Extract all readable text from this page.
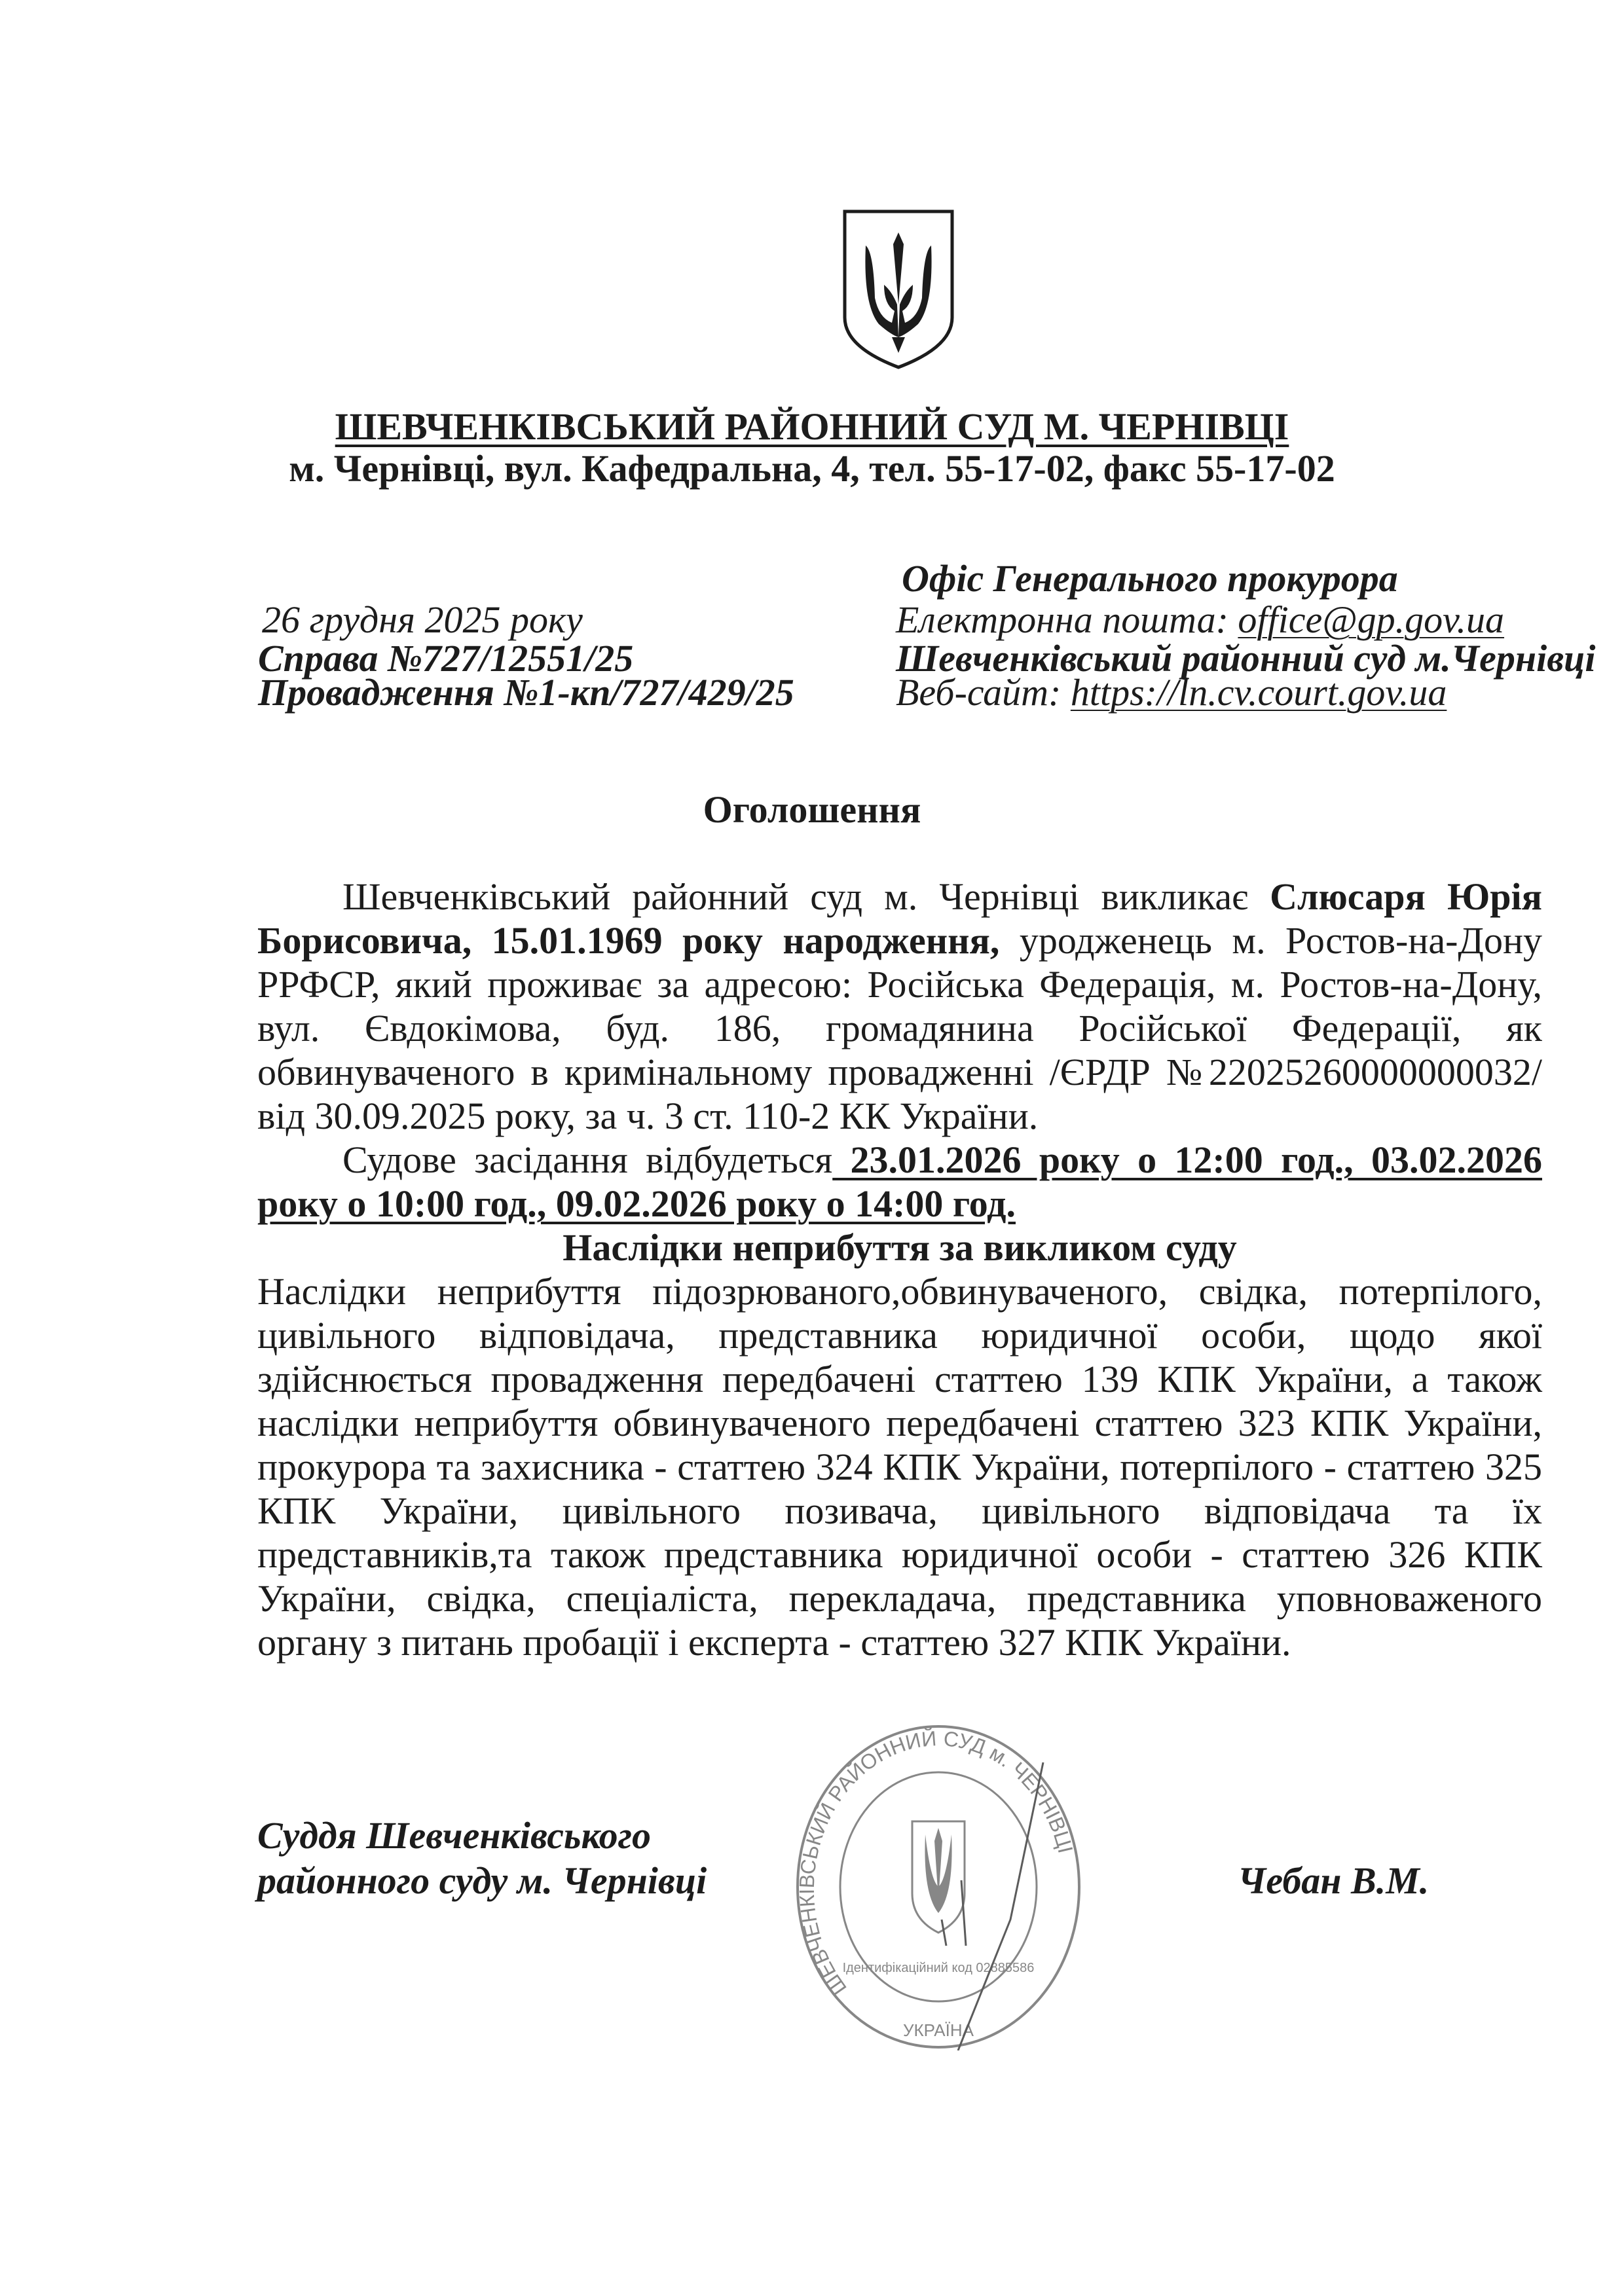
ШЕВЧЕНКІВСЬКИЙ РАЙОННИЙ СУД М. ЧЕРНІВЦІ
м. Чернівці, вул. Кафедральна, 4, тел. 55-17-02, факс 55-17-02
26 грудня 2025 року
Справа №727/12551/25
Провадження №1-кп/727/429/25
Офіс Генерального прокурора
Електронна пошта: office@gp.gov.ua
Шевченківський районний суд м.Чернівці
Веб-сайт: https://ln.cv.court.gov.ua
Оголошення

Шевченківський районний суд м. Чернівці викликає Слюсаря Юрія Борисовича, 15.01.1969 року народження, уродженець м. Ростов-на-Дону РРФСР, який проживає за адресою: Російська Федерація, м. Ростов-на-Дону, вул. Євдокімова, буд. 186, громадянина Російської Федерації, як обвинуваченого в кримінальному провадженні /ЄРДР №22025260000000032/ від 30.09.2025 року, за ч. 3 ст. 110-2 КК України.

Судове засідання відбудеться 23.01.2026 року о 12:00 год., 03.02.2026 року о 10:00 год., 09.02.2026 року о 14:00 год.

Наслідки неприбуття за викликом суду

Наслідки неприбуття підозрюваного,обвинуваченого, свідка, потерпілого, цивільного відповідача, представника юридичної особи, щодо якої здійснюється провадження передбачені статтею 139 КПК України, а також наслідки неприбуття обвинуваченого передбачені статтею 323 КПК України, прокурора та захисника - статтею 324 КПК України, потерпілого - статтею 325 КПК України, цивільного позивача, цивільного відповідача та їх представників,та також представника юридичної особи - статтею 326 КПК України, свідка, спеціаліста, перекладача, представника уповноваженого органу з питань пробації і експерта - статтею 327 КПК України.

ШЕВЧЕНКІВСЬКИЙ РАЙОННИЙ СУД м. ЧЕРНІВЦІ
УКРАЇНА
Ідентифікаційний код 02885586
Суддя Шевченківського
районного суду м. Чернівці	Чебан В.М.
